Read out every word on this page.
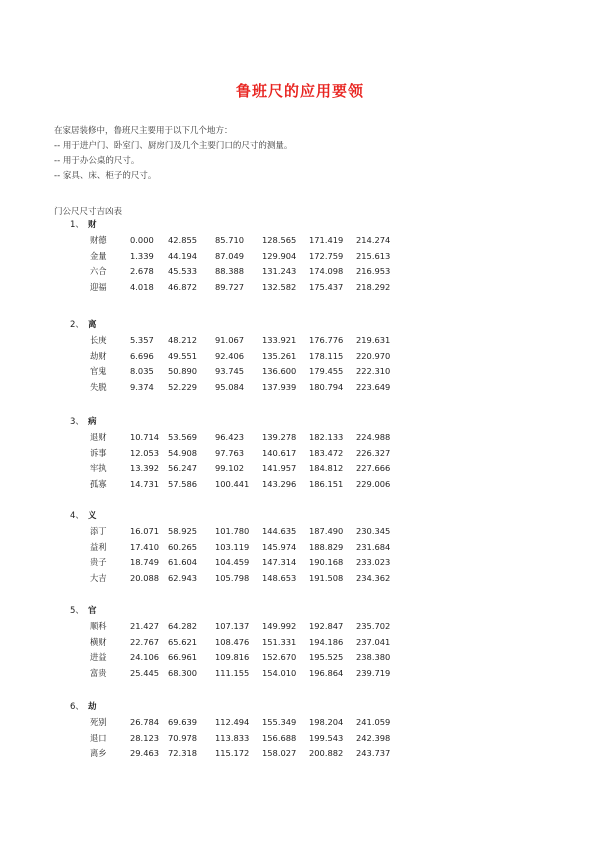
鲁班尺的应用要领
在家居装修中，鲁班尺主要用于以下几个地方：
-- 用于进户门、卧室门、厨房门及几个主要门口的尺寸的测量。
-- 用于办公桌的尺寸。
-- 家具、床、柜子的尺寸。
门公尺尺寸吉凶表
1、 财
财德	0.000 42.855 85.710 128.565 171.419 214.274
金量	1.339 44.194 87.049 129.904 172.759 215.613
六合	2.678 45.533 88.388 131.243 174.098 216.953
迎福	4.018 46.872 89.727 132.582 175.437 218.292
2、 离
长庚	5.357 48.212 91.067 133.921 176.776 219.631
劫财	6.696 49.551 92.406 135.261 178.115 220.970
官鬼	8.035 50.890 93.745 136.600 179.455 222.310
失脱	9.374 52.229 95.084 137.939 180.794 223.649
3、 病
退财	10.714 53.569 96.423 139.278 182.133 224.988
诉事	12.053 54.908 97.763 140.617 183.472 226.327
牢执	13.392 56.247 99.102 141.957 184.812 227.666
孤寡	14.731 57.586 100.441 143.296 186.151 229.006
4、 义
添丁	16.071 58.925 101.780 144.635 187.490 230.345
益利	17.410 60.265 103.119 145.974 188.829 231.684
贵子	18.749 61.604 104.459 147.314 190.168 233.023
大吉	20.088 62.943 105.798 148.653 191.508 234.362
5、 官
顺科	21.427 64.282 107.137 149.992 192.847 235.702
横财	22.767 65.621 108.476 151.331 194.186 237.041
进益	24.106 66.961 109.816 152.670 195.525 238.380
富贵	25.445 68.300 111.155 154.010 196.864 239.719
6、 劫
死别	26.784 69.639 112.494 155.349 198.204 241.059
退口	28.123 70.978 113.833 156.688 199.543 242.398
离乡	29.463 72.318 115.172 158.027 200.882 243.737
